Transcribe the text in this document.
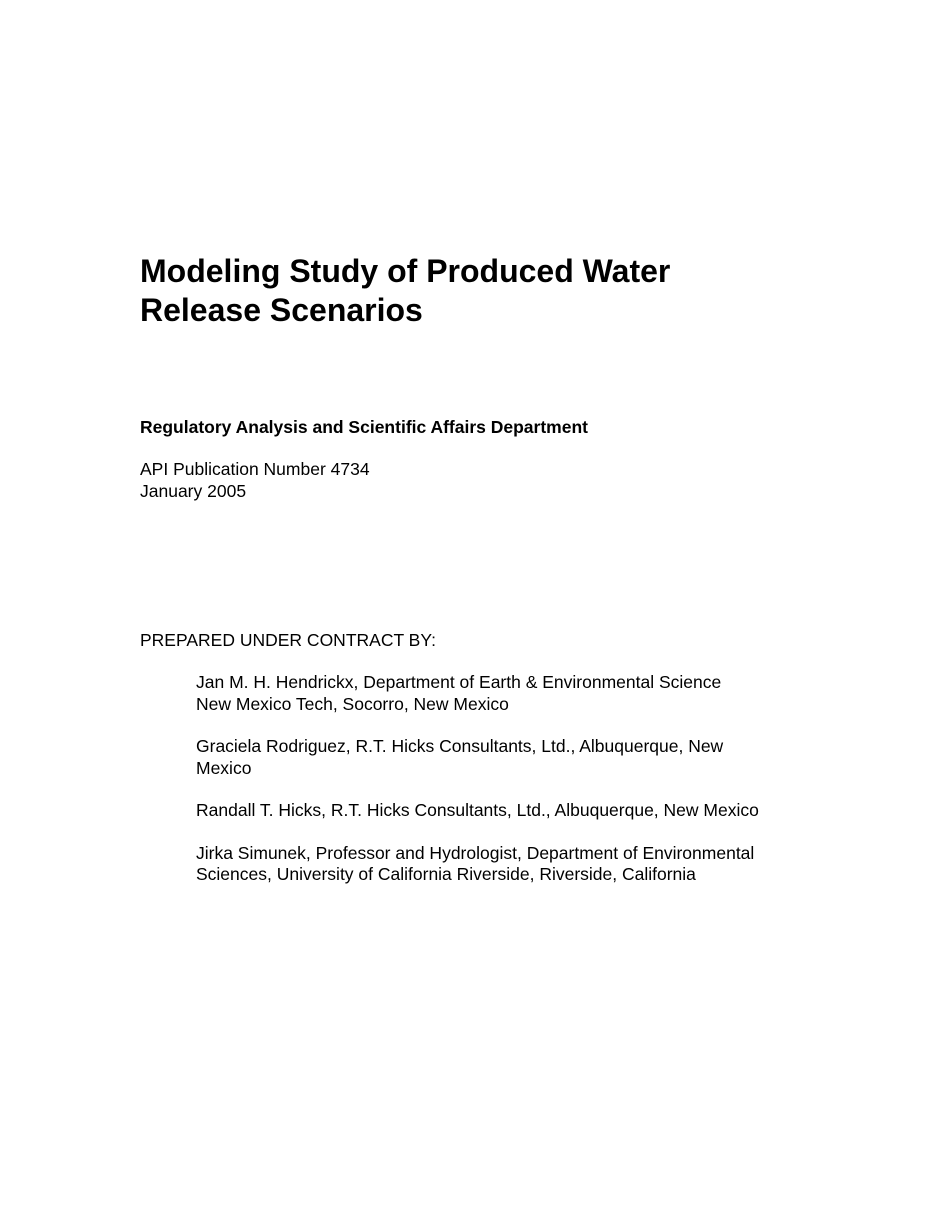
Modeling Study of Produced Water
Release Scenarios

Regulatory Analysis and Scientific Affairs Department

API Publication Number 4734
January 2005
PREPARED UNDER CONTRACT BY:
Jan M. H. Hendrickx, Department of Earth & Environmental Science
New Mexico Tech, Socorro, New Mexico
Graciela Rodriguez, R.T. Hicks Consultants, Ltd., Albuquerque, New
Mexico
Randall T. Hicks, R.T. Hicks Consultants, Ltd., Albuquerque, New Mexico
Jirka Simunek, Professor and Hydrologist, Department of Environmental
Sciences, University of California Riverside, Riverside, California
